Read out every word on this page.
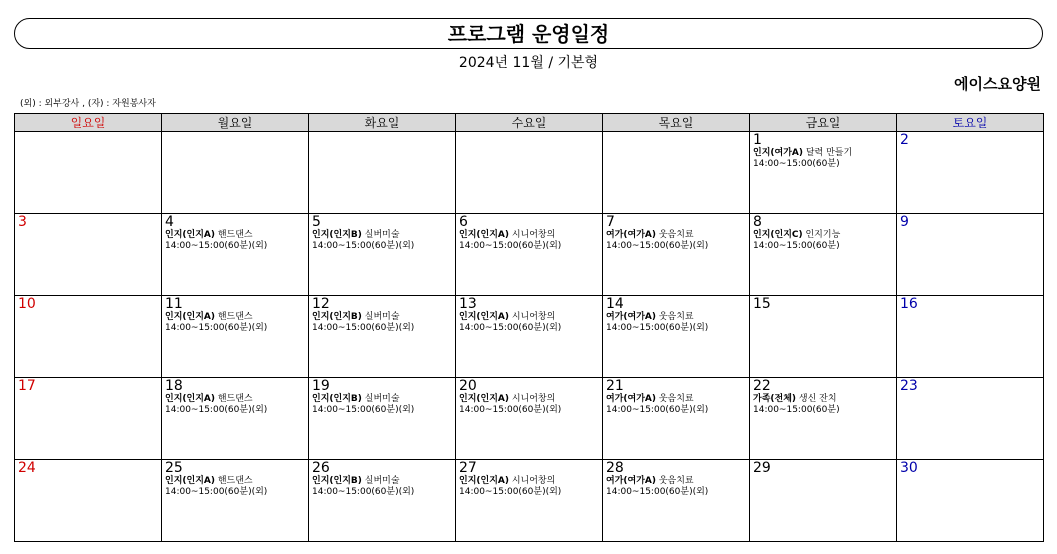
프로그램 운영일정
2024년 11월 / 기본형
에이스요양원
(외) : 외부강사 , (자) : 자원봉사자
일요일	월요일	화요일	수요일	목요일	금요일	토요일

					1
인지(여가A) 달력 만들기
14:00~15:00(60분)	2

3	4
인지(인지A) 핸드댄스
14:00~15:00(60분)(외)	5
인지(인지B) 실버미술
14:00~15:00(60분)(외)	6
인지(인지A) 시니어창의
14:00~15:00(60분)(외)	7
여가(여가A) 웃음치료
14:00~15:00(60분)(외)	8
인지(인지C) 인지기능
14:00~15:00(60분)	9

10	11
인지(인지A) 핸드댄스
14:00~15:00(60분)(외)	12
인지(인지B) 실버미술
14:00~15:00(60분)(외)	13
인지(인지A) 시니어창의
14:00~15:00(60분)(외)	14
여가(여가A) 웃음치료
14:00~15:00(60분)(외)	15	16

17	18
인지(인지A) 핸드댄스
14:00~15:00(60분)(외)	19
인지(인지B) 실버미술
14:00~15:00(60분)(외)	20
인지(인지A) 시니어창의
14:00~15:00(60분)(외)	21
여가(여가A) 웃음치료
14:00~15:00(60분)(외)	22
가족(전체) 생신 잔치
14:00~15:00(60분)	23

24	25
인지(인지A) 핸드댄스
14:00~15:00(60분)(외)	26
인지(인지B) 실버미술
14:00~15:00(60분)(외)	27
인지(인지A) 시니어창의
14:00~15:00(60분)(외)	28
여가(여가A) 웃음치료
14:00~15:00(60분)(외)	29	30
